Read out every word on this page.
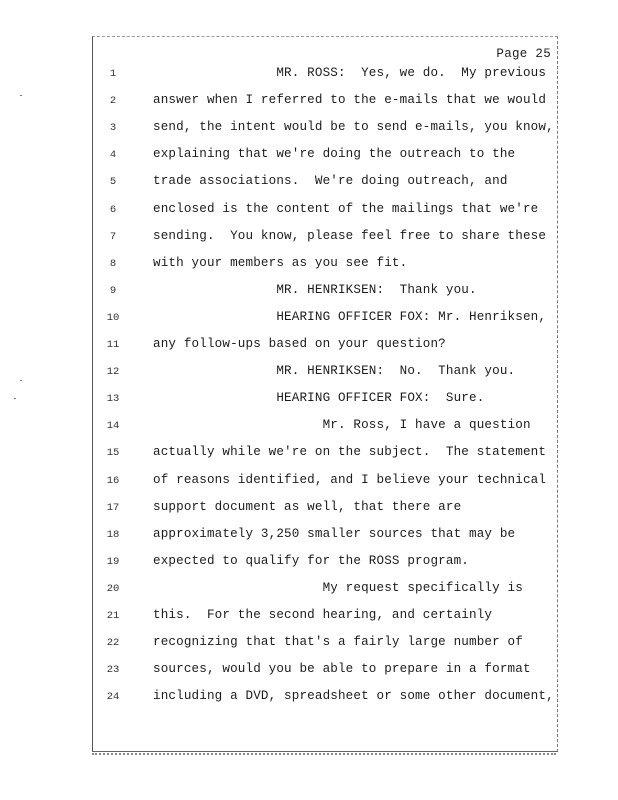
Page 25
1	MR. ROSS:  Yes, we do.  My previous
2	answer when I referred to the e-mails that we would
3	send, the intent would be to send e-mails, you know,
4	explaining that we're doing the outreach to the
5	trade associations.  We're doing outreach, and
6	enclosed is the content of the mailings that we're
7	sending.  You know, please feel free to share these
8	with your members as you see fit.
9	MR. HENRIKSEN:  Thank you.
10	HEARING OFFICER FOX: Mr. Henriksen,
11	any follow-ups based on your question?
12	MR. HENRIKSEN:  No.  Thank you.
13	HEARING OFFICER FOX:  Sure.
14	Mr. Ross, I have a question
15	actually while we're on the subject.  The statement
16	of reasons identified, and I believe your technical
17	support document as well, that there are
18	approximately 3,250 smaller sources that may be
19	expected to qualify for the ROSS program.
20	My request specifically is
21	this.  For the second hearing, and certainly
22	recognizing that that's a fairly large number of
23	sources, would you be able to prepare in a format
24	including a DVD, spreadsheet or some other document,
